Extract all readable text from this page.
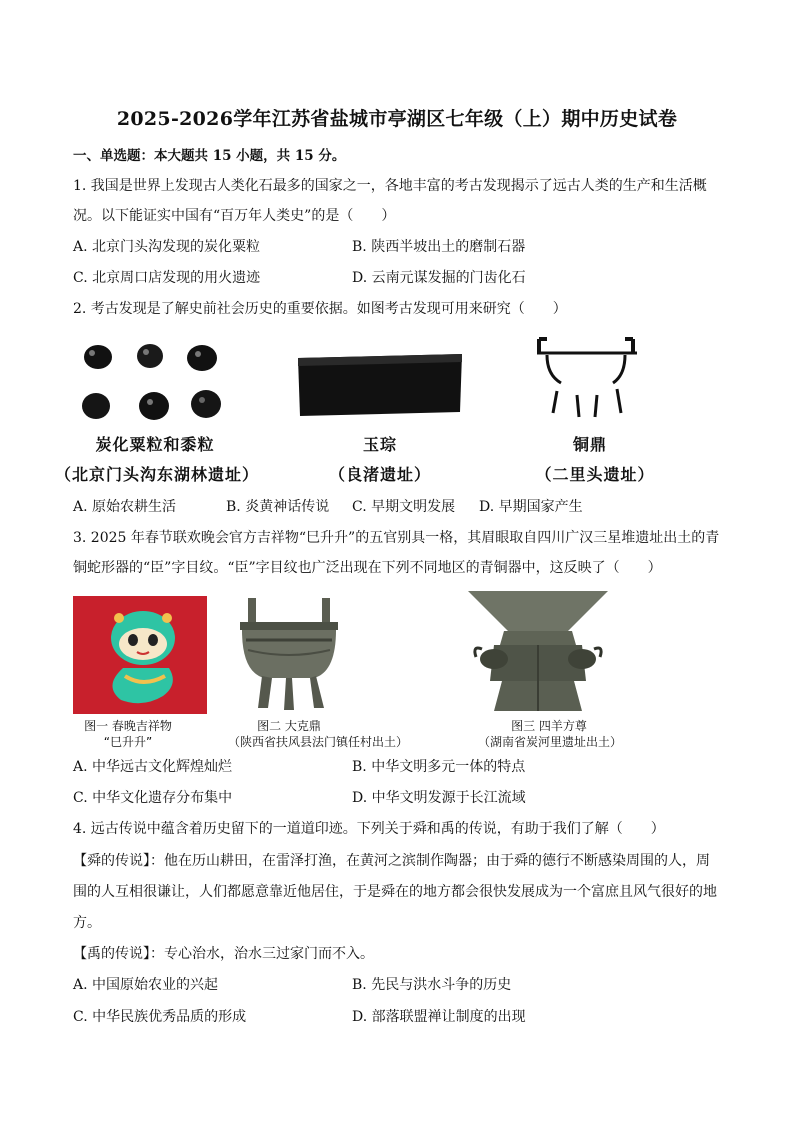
2025-2026学年江苏省盐城市亭湖区七年级（上）期中历史试卷
一、单选题：本大题共 15 小题，共 15 分。
1. 我国是世界上发现古人类化石最多的国家之一，各地丰富的考古发现揭示了远古人类的生产和生活概
况。以下能证实中国有“百万年人类史”的是（　　）
A. 北京门头沟发现的炭化粟粒	B. 陕西半坡出土的磨制石器
C. 北京周口店发现的用火遗迹	D. 云南元谋发掘的门齿化石
2. 考古发现是了解史前社会历史的重要依据。如图考古发现可用来研究（　　）
炭化粟粒和黍粒
（北京门头沟东湖林遗址）
玉琮
（良渚遗址）
铜鼎
（二里头遗址）
A. 原始农耕生活	B. 炎黄神话传说 C. 早期文明发展 D. 早期国家产生
3. 2025 年春节联欢晚会官方吉祥物“巳升升”的五官别具一格，其眉眼取自四川广汉三星堆遗址出土的青
铜蛇形器的“臣”字目纹。“臣”字目纹也广泛出现在下列不同地区的青铜器中，这反映了（　　）
图一 春晚吉祥物
“巳升升”
图二 大克鼎
（陕西省扶风县法门镇任村出土）
图三 四羊方尊
（湖南省炭河里遗址出土）
A. 中华远古文化辉煌灿烂	B. 中华文明多元一体的特点
C. 中华文化遗存分布集中	D. 中华文明发源于长江流域
4. 远古传说中蕴含着历史留下的一道道印迹。下列关于舜和禹的传说，有助于我们了解（　　）
【舜的传说】：他在历山耕田，在雷泽打渔，在黄河之滨制作陶器；由于舜的德行不断感染周围的人，周
围的人互相很谦让，人们都愿意靠近他居住，于是舜在的地方都会很快发展成为一个富庶且风气很好的地
方。
【禹的传说】：专心治水，治水三过家门而不入。
A. 中国原始农业的兴起	B. 先民与洪水斗争的历史
C. 中华民族优秀品质的形成	D. 部落联盟禅让制度的出现
